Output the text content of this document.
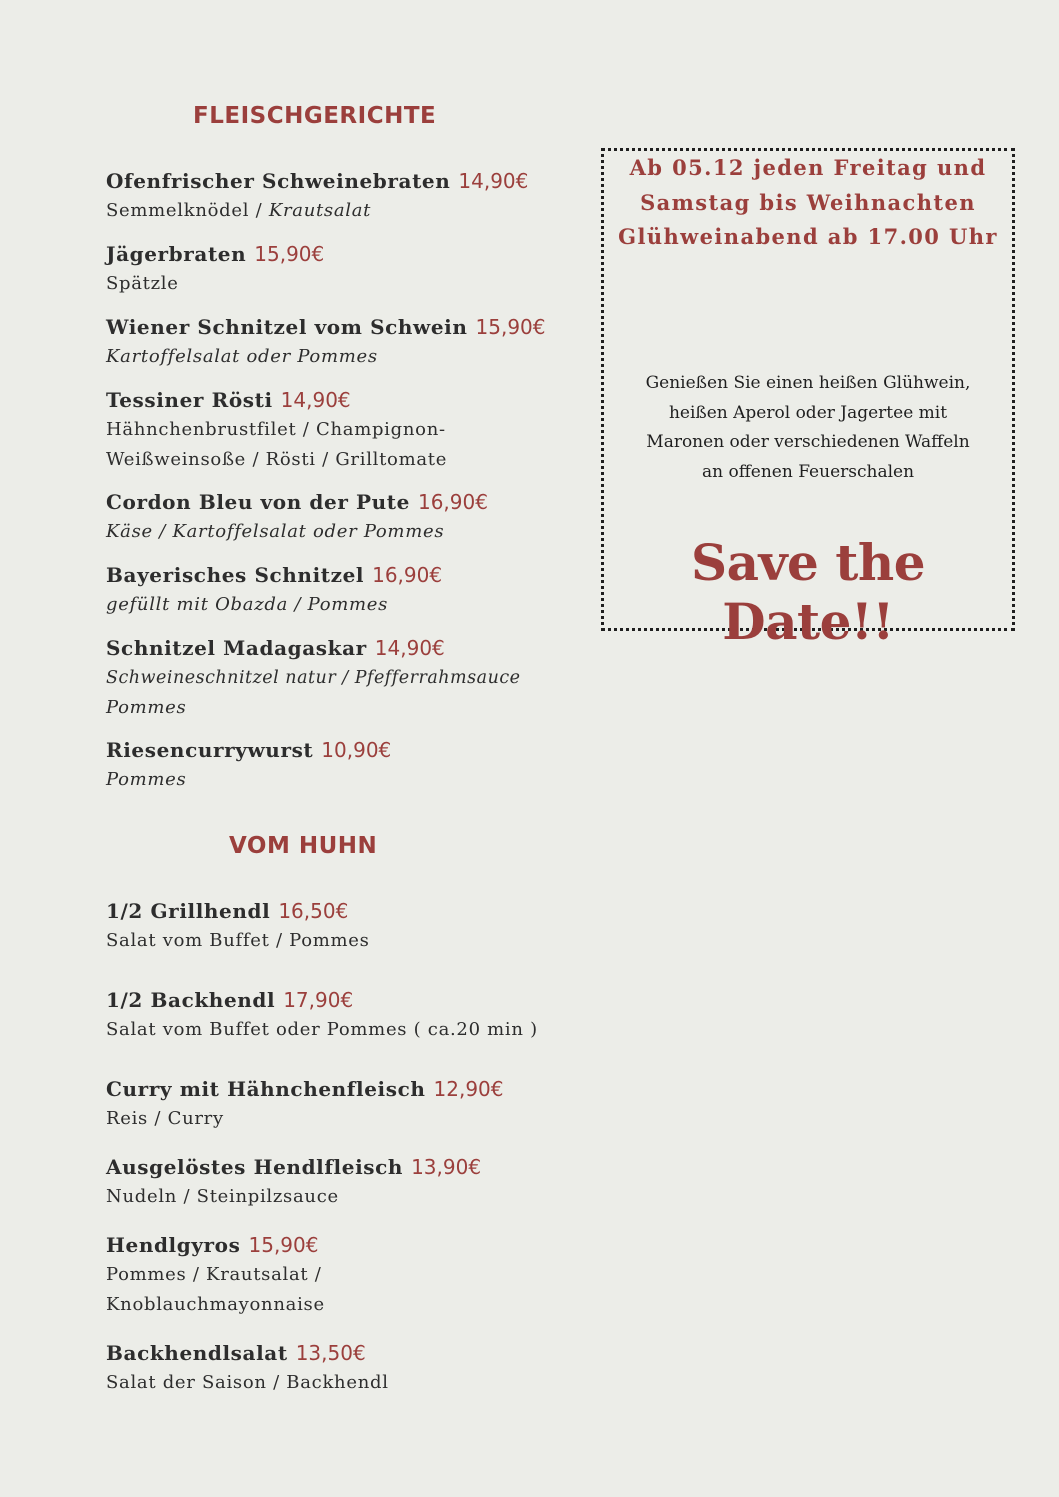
FLEISCHGERICHTE
Ofenfrischer Schweinebraten 14,90€
Semmelknödel / Krautsalat
Jägerbraten 15,90€
Spätzle
Wiener Schnitzel vom Schwein 15,90€
Kartoffelsalat oder Pommes
Tessiner Rösti 14,90€
Hähnchenbrustfilet / Champignon-
Weißweinsoße / Rösti / Grilltomate
Cordon Bleu von der Pute 16,90€
Käse / Kartoffelsalat oder Pommes
Bayerisches Schnitzel 16,90€
gefüllt mit Obazda / Pommes
Schnitzel Madagaskar 14,90€
Schweineschnitzel natur / Pfefferrahmsauce
Pommes
Riesencurrywurst 10,90€
Pommes
VOM HUHN
1/2 Grillhendl 16,50€
Salat vom Buffet / Pommes
1/2 Backhendl 17,90€
Salat vom Buffet oder Pommes ( ca.20 min )
Curry mit Hähnchenfleisch 12,90€
Reis / Curry
Ausgelöstes Hendlfleisch 13,90€
Nudeln / Steinpilzsauce
Hendlgyros 15,90€
Pommes / Krautsalat /
Knoblauchmayonnaise
Backhendlsalat 13,50€
Salat der Saison / Backhendl

Ab 05.12 jeden Freitag und
Samstag bis Weihnachten
Glühweinabend ab 17.00 Uhr

Genießen Sie einen heißen Glühwein,
heißen Aperol oder Jagertee mit
Maronen oder verschiedenen Waffeln
an offenen Feuerschalen

Save the Date!!
